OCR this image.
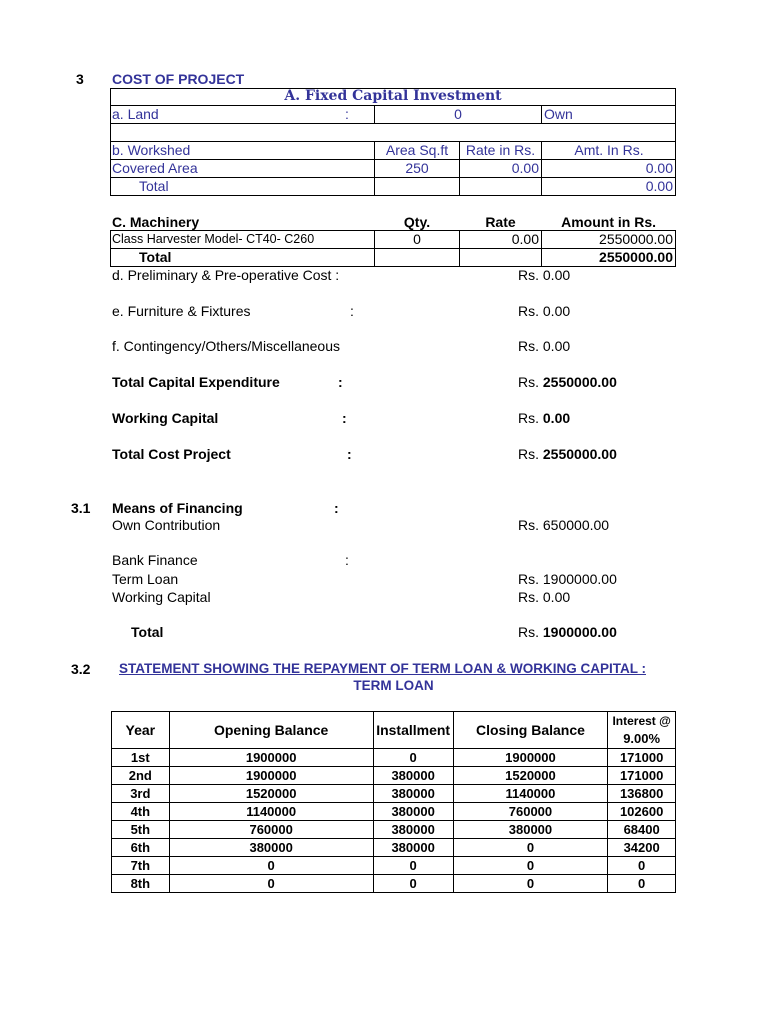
3 COST OF PROJECT
A. Fixed Capital Investment
a. Land	:	0	Own
b. Workshed	Area Sq.ft	Rate in Rs.	Amt. In Rs.
Covered Area	250	0.00	0.00
Total	0.00
C. Machinery	Qty.	Rate	Amount in Rs.
Class Harvester Model- CT40- C260	0	0.00	2550000.00
Total	2550000.00
d. Preliminary & Pre-operative Cost :	Rs. 0.00
e. Furniture & Fixtures	:	Rs. 0.00
f. Contingency/Others/Miscellaneous	Rs. 0.00
Total Capital Expenditure	:	Rs. 2550000.00
Working Capital	:	Rs. 0.00
Total Cost Project	:	Rs. 2550000.00
3.1 Means of Financing	:
Own Contribution	Rs. 650000.00
Bank Finance	:
Term Loan	Rs. 1900000.00
Working Capital	Rs. 0.00
Total	Rs. 1900000.00
3.2 STATEMENT SHOWING THE REPAYMENT OF TERM LOAN & WORKING CAPITAL :
TERM LOAN
Year	Opening Balance	Installment	Closing Balance	Interest @
9.00%

1st	1900000	0	1900000	171000
2nd	1900000	380000	1520000	171000
3rd	1520000	380000	1140000	136800
4th	1140000	380000	760000	102600
5th	760000	380000	380000	68400
6th	380000	380000	0	34200
7th	0	0	0	0
8th	0	0	0	0
